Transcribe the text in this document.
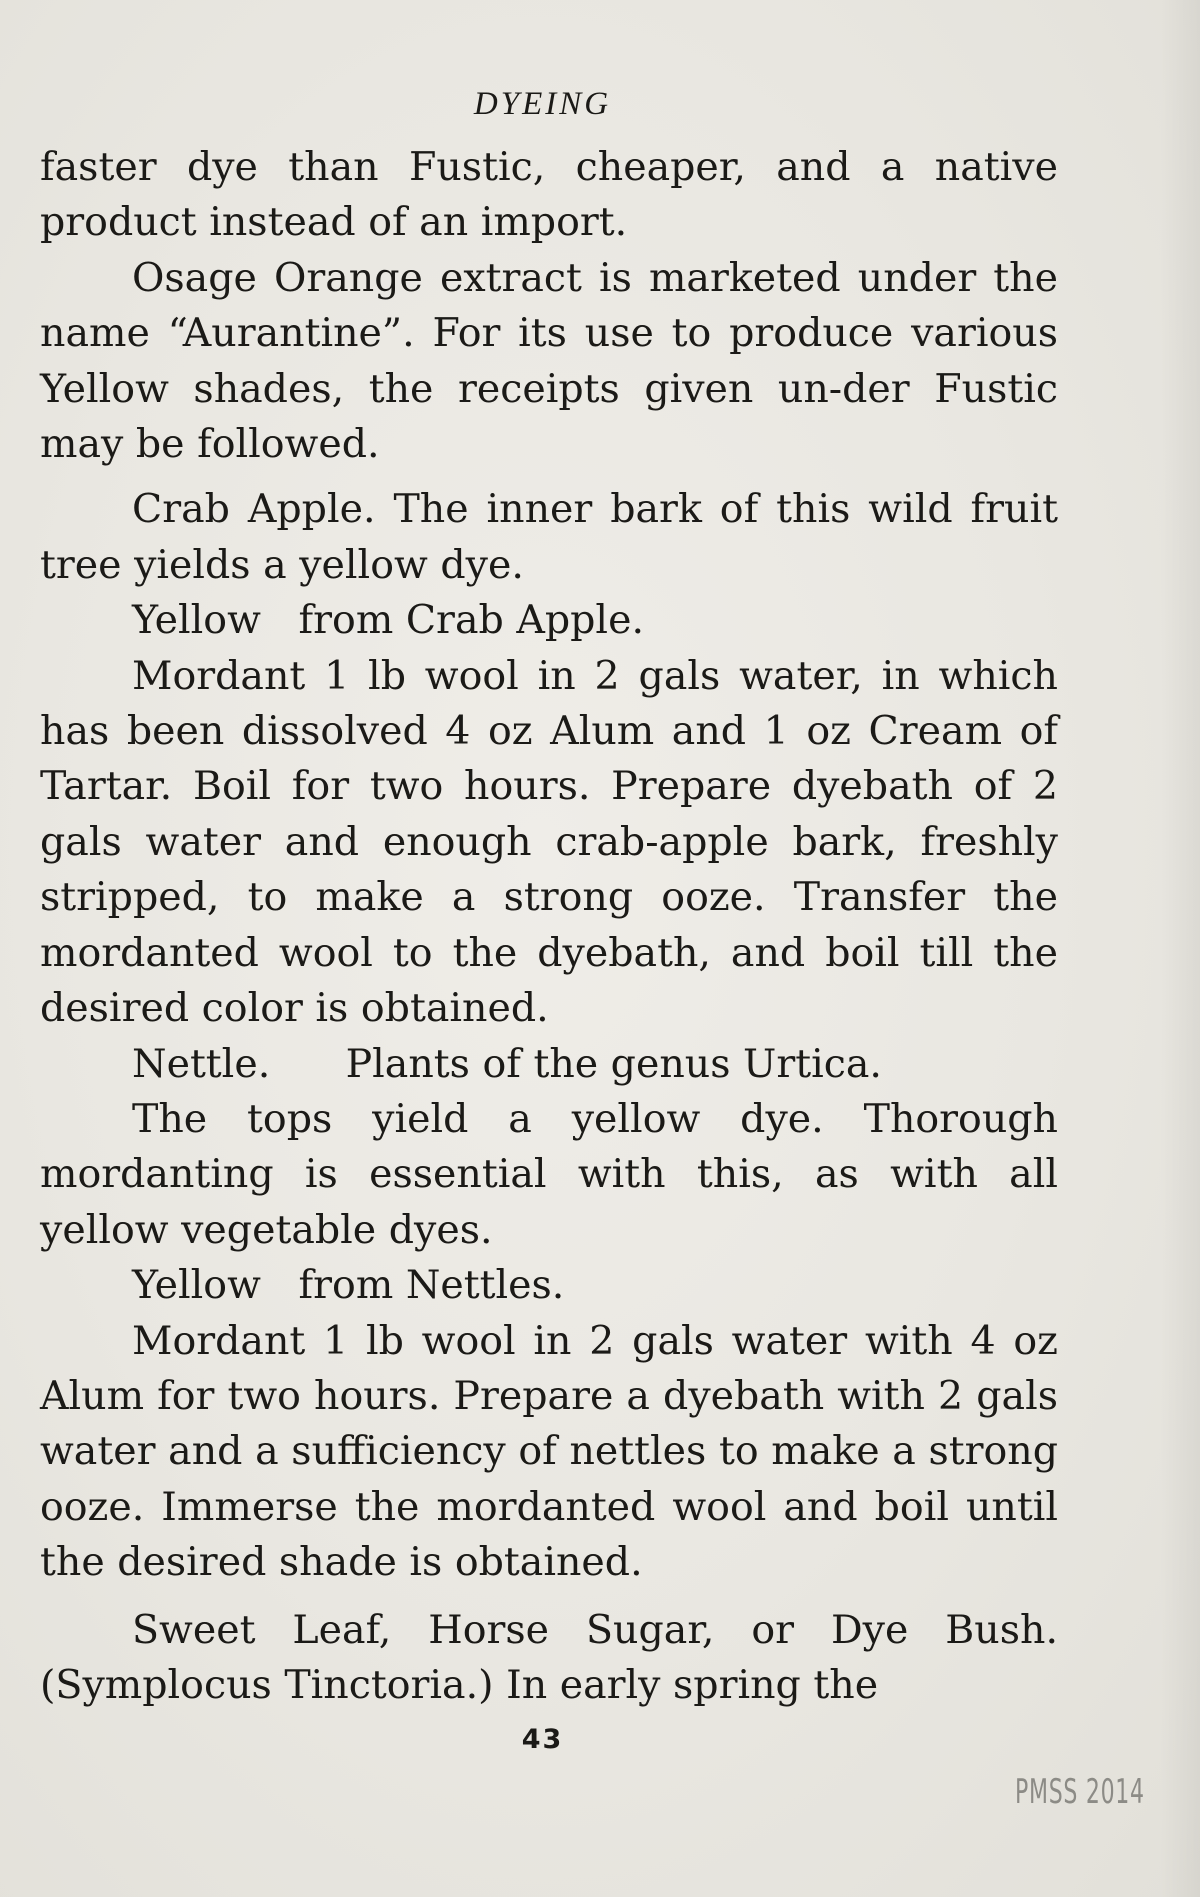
DYEING

faster dye than Fustic, cheaper, and a native product instead of an import.

Osage Orange extract is marketed under the name “Aurantine”. For its use to produce various Yellow shades, the receipts given un-der Fustic may be followed.

Crab Apple. The inner bark of this wild fruit tree yields a yellow dye.

Yellow   from Crab Apple.

Mordant 1 lb wool in 2 gals water, in which has been dissolved 4 oz Alum and 1 oz Cream of Tartar. Boil for two hours. Prepare dyebath of 2 gals water and enough crab-apple bark, freshly stripped, to make a strong ooze. Transfer the mordanted wool to the dyebath, and boil till the desired color is obtained.

Nettle.      Plants of the genus Urtica.

The tops yield a yellow dye. Thorough mordanting is essential with this, as with all yellow vegetable dyes.

Yellow   from Nettles.

Mordant 1 lb wool in 2 gals water with 4 oz Alum for two hours. Prepare a dyebath with 2 gals water and a sufficiency of nettles to make a strong ooze. Immerse the mordanted wool and boil until the desired shade is obtained.

Sweet Leaf, Horse Sugar, or Dye Bush. (Symplocus Tinctoria.) In early spring the

43
PMSS 2014
